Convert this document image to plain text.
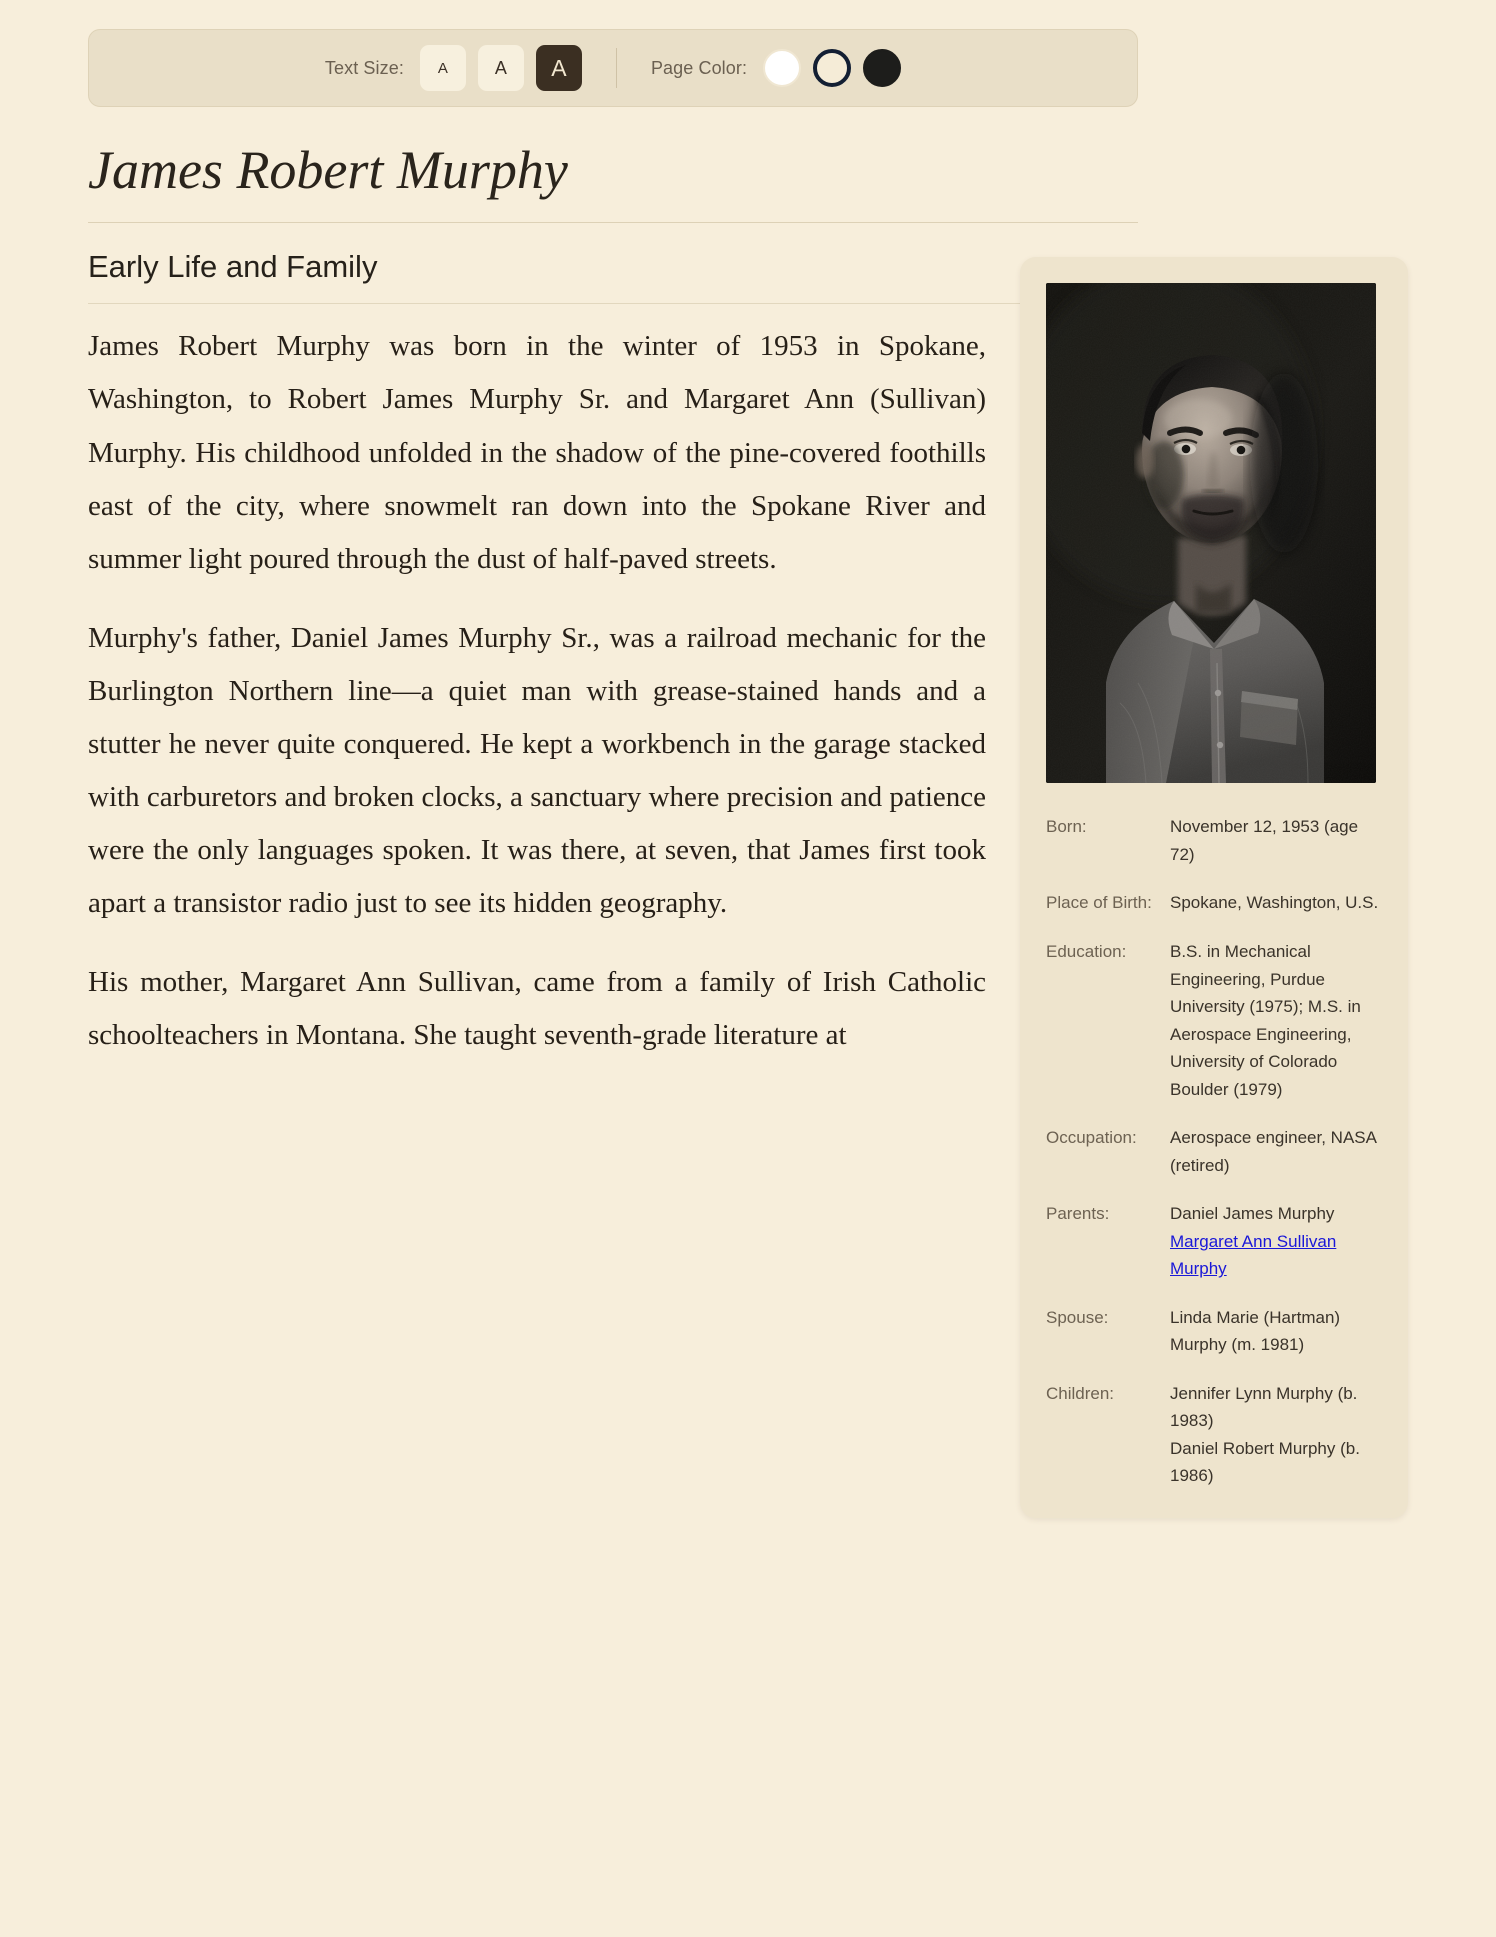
Text Size:	A	A	A	Page Color:
James Robert Murphy
Born:	November 12, 1953 (age 72)

Place of Birth:	Spokane, Washington, U.S.

Education:	B.S. in Mechanical Engineering, Purdue University (1975); M.S. in Aerospace Engineering, University of Colorado Boulder (1979)

Occupation:	Aerospace engineer, NASA (retired)

Parents:	Daniel James Murphy
Margaret Ann Sullivan Murphy

Spouse:	Linda Marie (Hartman) Murphy (m. 1981)

Children:	Jennifer Lynn Murphy (b. 1983)
Daniel Robert Murphy (b. 1986)
Early Life and Family

James Robert Murphy was born in the winter of 1953 in Spokane, Washington, to Robert James Murphy Sr. and Margaret Ann (Sullivan) Murphy. His childhood unfolded in the shadow of the pine-covered foothills east of the city, where snowmelt ran down into the Spokane River and summer light poured through the dust of half-paved streets.

Murphy's father, Daniel James Murphy Sr., was a railroad mechanic for the Burlington Northern line—a quiet man with grease-stained hands and a stutter he never quite conquered. He kept a workbench in the garage stacked with carburetors and broken clocks, a sanctuary where precision and patience were the only languages spoken. It was there, at seven, that James first took apart a transistor radio just to see its hidden geography.

His mother, Margaret Ann Sullivan, came from a family of Irish Catholic schoolteachers in Montana. She taught seventh-grade literature at
